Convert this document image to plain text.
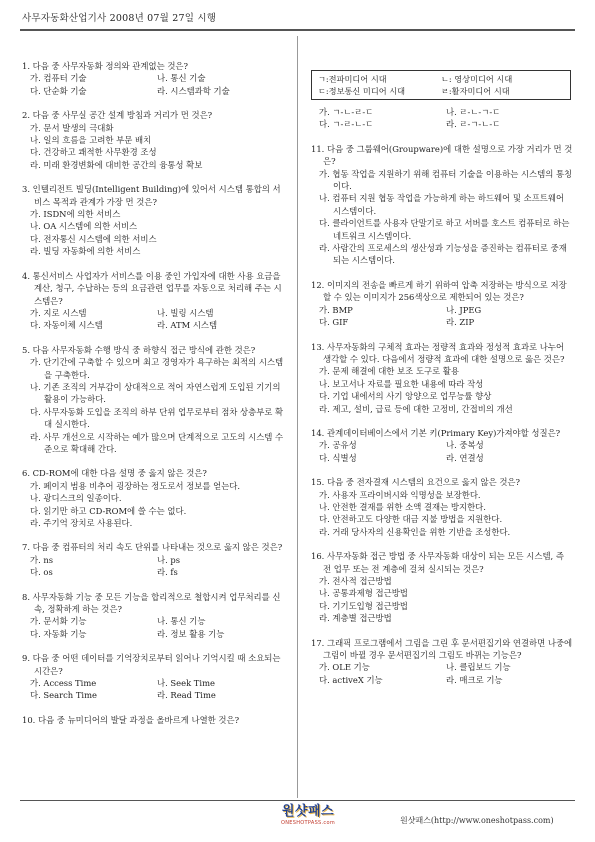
사무자동화산업기사 2008년 07월 27일 시행
1. 다음 중 사무자동화 정의와 관계없는 것은?
가. 컴퓨터 기술	나. 통신 기술
다. 단순화 기술	라. 시스템과학 기술
2. 다음 중 사무실 공간 설계 방침과 거리가 먼 것은?
가. 문서 발생의 극대화
나. 일의 흐름을 고려한 부문 배치
다. 건강하고 쾌적한 사무환경 조성
라. 미래 환경변화에 대비한 공간의 융통성 확보
3. 인텔리전트 빌딩(Intelligent Building)에 있어서 시스템 통합의 서비스 목적과 관계가 가장 먼 것은?
가. ISDN에 의한 서비스
나. OA 시스템에 의한 서비스
다. 전자통신 시스템에 의한 서비스
라. 빌딩 자동화에 의한 서비스
4. 통신서비스 사업자가 서비스를 이용 중인 가입자에 대한 사용 요금을 계산, 청구, 수납하는 등의 요금관련 업무를 자동으로 처리해 주는 시스템은?
가. 지로 시스템	나. 빌링 시스템
다. 자동이체 시스템	라. ATM 시스템
5. 다음 사무자동화 수행 방식 중 하향식 접근 방식에 관한 것은?
가. 단기간에 구축할 수 있으며 최고 경영자가 욕구하는 최적의 시스템을 구축한다.
나. 기존 조직의 거부감이 상대적으로 적어 자연스럽게 도입된 기기의 활용이 가능하다.
다. 사무자동화 도입을 조직의 하부 단위 업무로부터 점차 상층부로 확대 실시한다.
라. 사무 개선으로 시작하는 예가 많으며 단계적으로 고도의 시스템 수준으로 확대해 간다.
6. CD-ROM에 대한 다음 설명 중 옳지 않은 것은?
가. 페이지 범용 비추어 굉장하는 정도로서 정보를 얻는다.
나. 광디스크의 일종이다.
다. 읽기만 하고 CD-ROM에 쓸 수는 없다.
라. 주기억 장치로 사용된다.
7. 다음 중 컴퓨터의 처리 속도 단위를 나타내는 것으로 옳지 않은 것은?
가. ns	나. ps
다. os	라. fs
8. 사무자동화 기능 중 모든 기능을 합리적으로 철합시켜 업무처리를 신속, 정확하게 하는 것은?
가. 문서화 기능	나. 통신 기능
다. 자동화 기능	라. 정보 활용 기능
9. 다음 중 어떤 데이터를 기억장치로부터 읽어나 기억시킬 때 소요되는 시간은?
가. Access Time	나. Seek Time
다. Search Time	라. Read Time
10. 다음 중 뉴미디어의 발달 과정을 올바르게 나열한 것은?
ㄱ:전파미디어 시대	ㄴ: 영상미디어 시대
ㄷ:정보통신 미디어 시대	ㄹ:활자미디어 시대
가. ㄱ-ㄴ-ㄹ-ㄷ	나. ㄹ-ㄴ-ㄱ-ㄷ
다. ㄱ-ㄹ-ㄴ-ㄷ	라. ㄹ-ㄱ-ㄴ-ㄷ
11. 다음 중 그룹웨어(Groupware)에 대한 설명으로 가장 거리가 먼 것은?
가. 협동 작업을 지원하기 위해 컴퓨터 기술을 이용하는 시스템의 통칭이다.
나. 컴퓨터 지원 협동 작업을 가능하게 하는 하드웨어 및 소프트웨어 시스템이다.
다. 클라이언트를 사용자 단말기로 하고 서버를 호스트 컴퓨터로 하는 네트워크 시스템이다.
라. 사람간의 프로세스의 생산성과 기능성을 증진하는 컴퓨터로 중재되는 시스템이다.
12. 이미지의 전송을 빠르게 하기 위하여 압축 저장하는 방식으로 저장할 수 있는 이미지가 256색상으로 제한되어 있는 것은?
가. BMP	나. JPEG
다. GIF	라. ZIP
13. 사무자동화의 구체적 효과는 정량적 효과와 정성적 효과로 나누어 생각할 수 있다. 다음에서 정량적 효과에 대한 설명으로 옳은 것은?
가. 문제 해결에 대한 보조 도구로 활용
나. 보고서나 자료를 필요한 내용에 따라 작성
다. 기업 내에서의 사기 앙양으로 업무능률 향상
라. 제고, 설비, 급료 등에 대한 고정비, 간접비의 개선
14. 관계데이터베이스에서 기본 키(Primary Key)가져야할 성질은?
가. 공유성	나. 중복성
다. 식별성	라. 연결성
15. 다음 중 전자결재 시스템의 요건으로 옳지 않은 것은?
가. 사용자 프라이버시와 익명성을 보장한다.
나. 안전한 결재를 위한 소액 결재는 방지한다.
다. 안전하고도 다양한 대금 지불 방법을 지원한다.
라. 거래 당사자의 신용확인을 위한 기반을 조성한다.
16. 사무자동화 접근 방법 중 사무자동화 대상이 되는 모든 시스템, 즉 전 업무 또는 전 계층에 걸쳐 실시되는 것은?
가. 전사적 접근방법
나. 공통과제형 접근방법
다. 기기도입형 접근방법
라. 계층별 접근방법
17. 그래픽 프로그램에서 그림을 그린 후 문서편집기와 연결하면 나중에 그림이 바뀔 경우 문서편집기의 그림도 바뀌는 기능은?
가. OLE 기능	나. 클립보드 기능
다. activeX 기능	라. 매크로 기능
원샷패스
ONESHOTPASS.com	원샷패스(http://www.oneshotpass.com)
